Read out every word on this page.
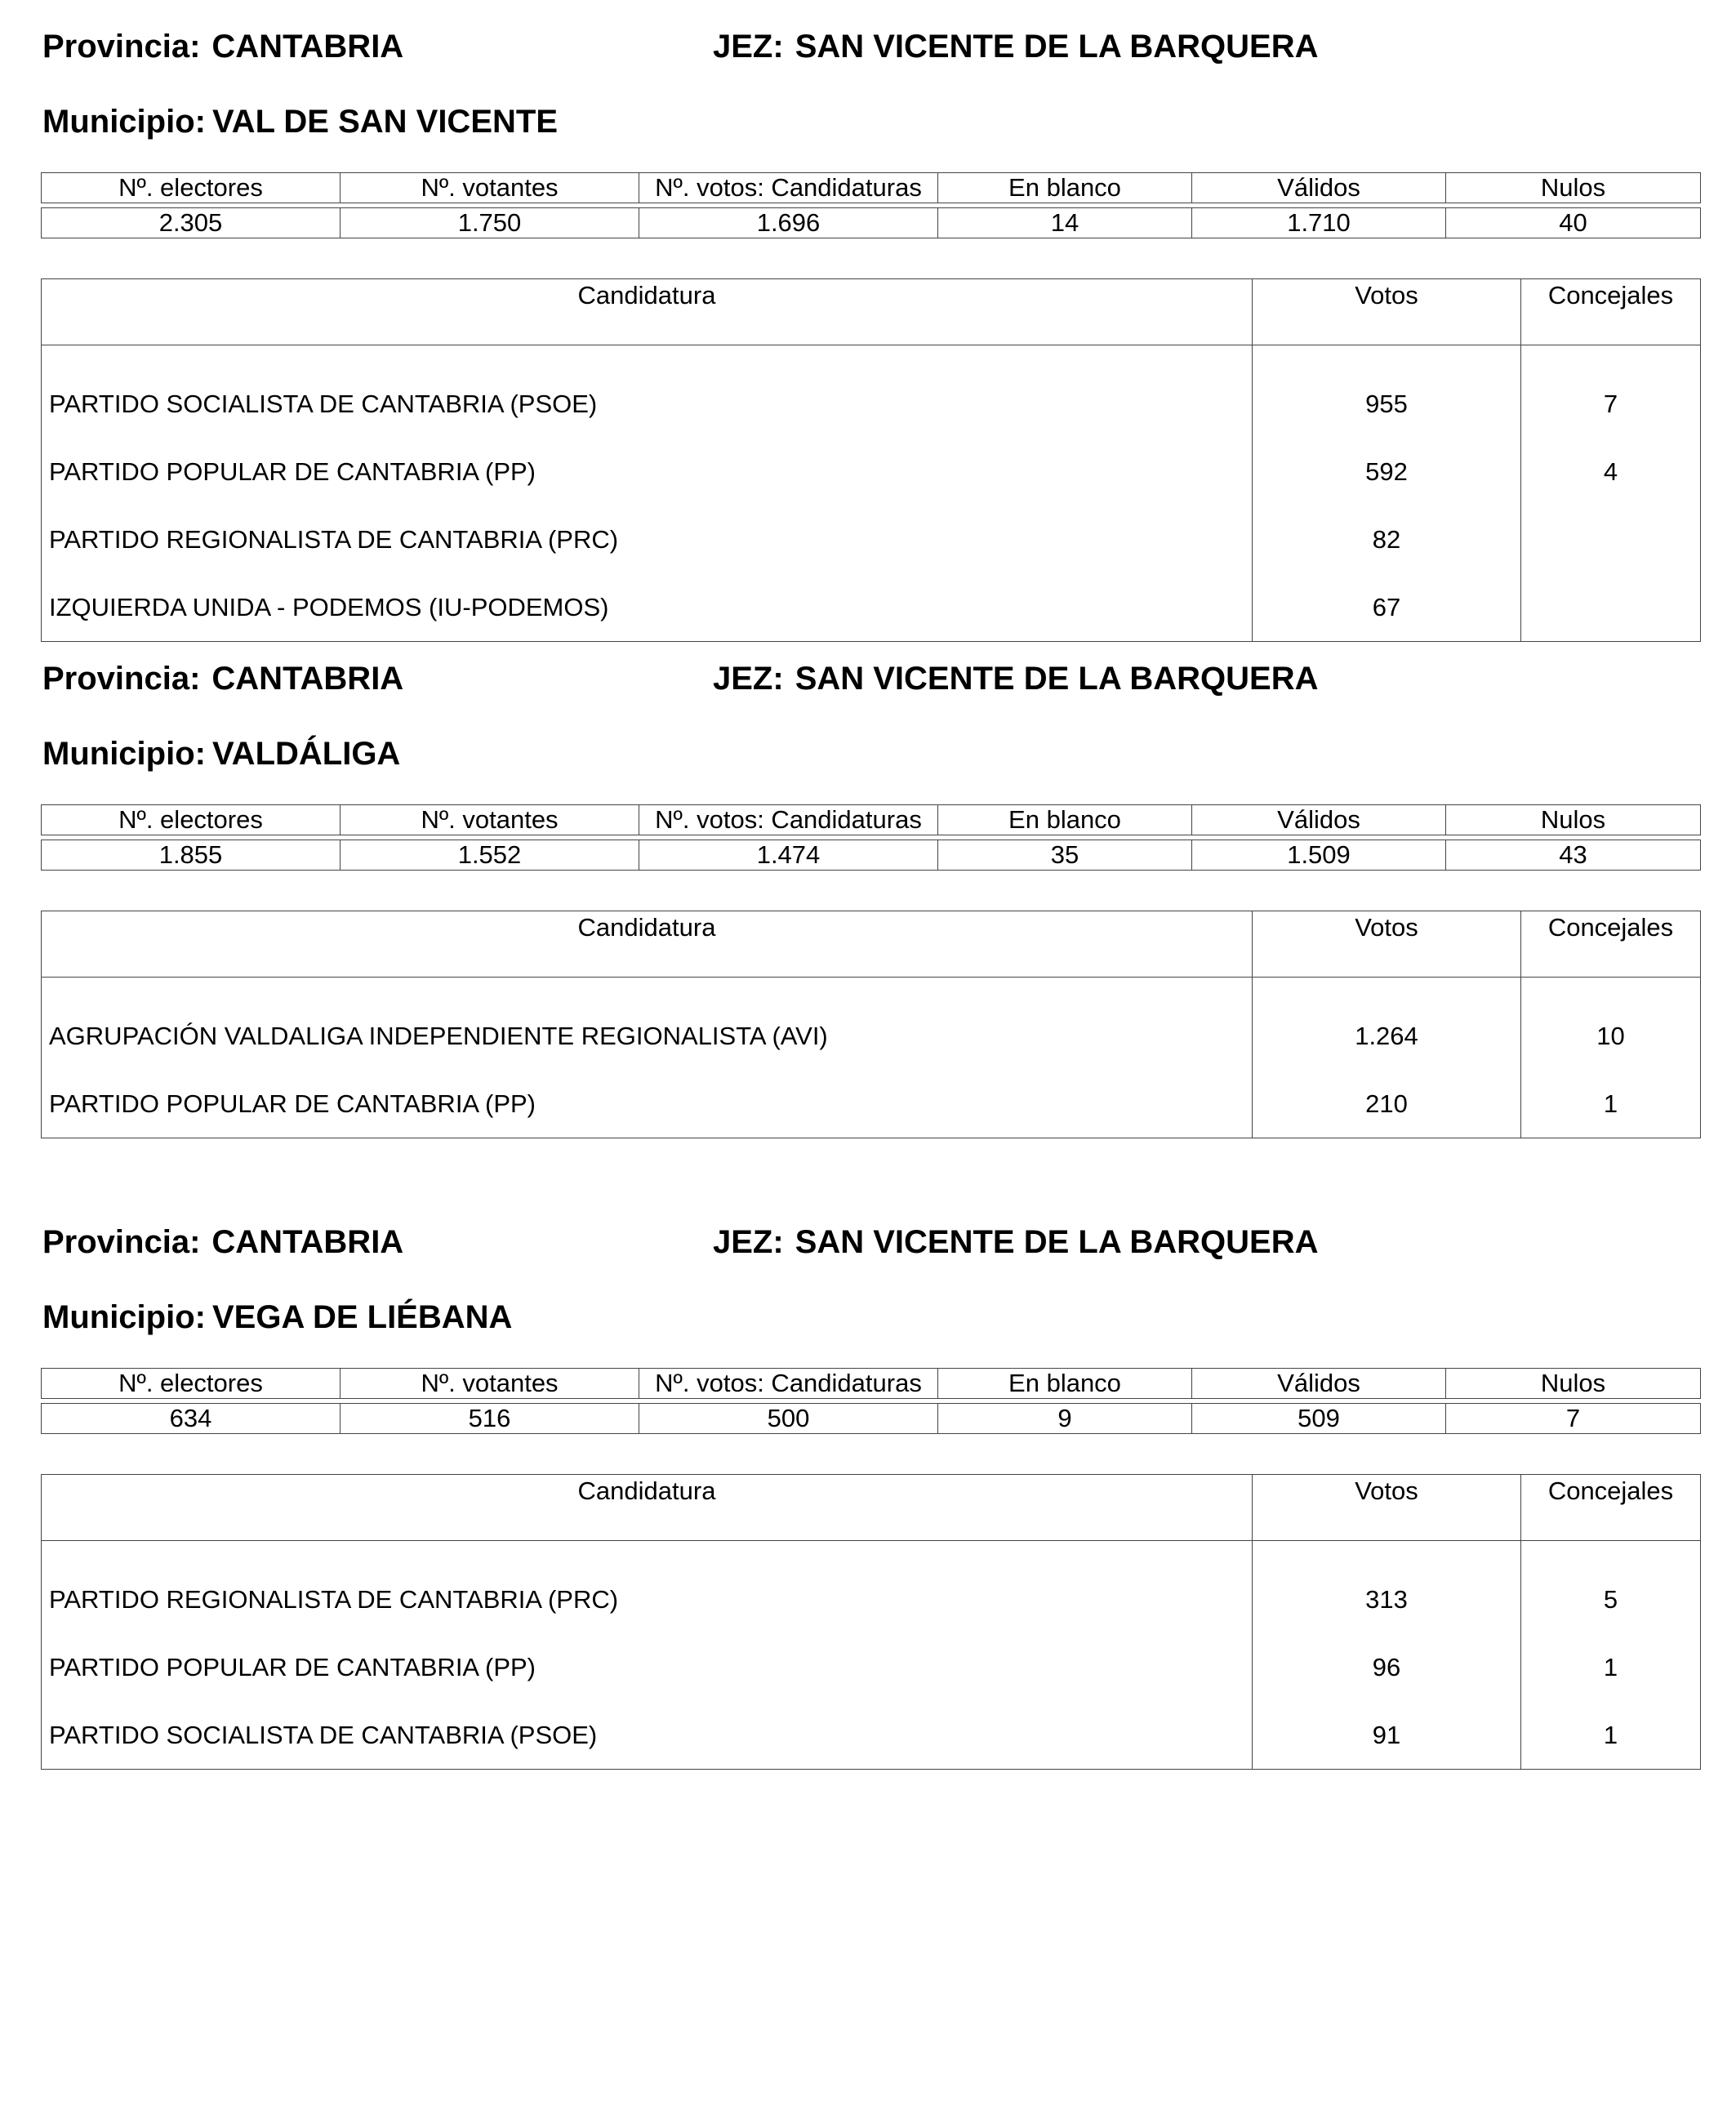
Provincia: CANTABRIA	JEZ: SAN VICENTE DE LA BARQUERA
Municipio: VAL DE SAN VICENTE
Nº. electores	Nº. votantes	Nº. votos: Candidaturas	En blanco	Válidos	Nulos

2.305	1.750	1.696	14	1.710	40
Candidatura	Votos	Concejales
PARTIDO SOCIALISTA DE CANTABRIA (PSOE)	955	7
PARTIDO POPULAR DE CANTABRIA (PP)	592	4
PARTIDO REGIONALISTA DE CANTABRIA (PRC)	82	
IZQUIERDA UNIDA - PODEMOS (IU-PODEMOS)	67	
Provincia: CANTABRIA	JEZ: SAN VICENTE DE LA BARQUERA
Municipio: VALDÁLIGA
Nº. electores	Nº. votantes	Nº. votos: Candidaturas	En blanco	Válidos	Nulos

1.855	1.552	1.474	35	1.509	43
Candidatura	Votos	Concejales
AGRUPACIÓN VALDALIGA INDEPENDIENTE REGIONALISTA (AVI)	1.264	10
PARTIDO POPULAR DE CANTABRIA (PP)	210	1
Provincia: CANTABRIA	JEZ: SAN VICENTE DE LA BARQUERA
Municipio: VEGA DE LIÉBANA
Nº. electores	Nº. votantes	Nº. votos: Candidaturas	En blanco	Válidos	Nulos

634	516	500	9	509	7
Candidatura	Votos	Concejales
PARTIDO REGIONALISTA DE CANTABRIA (PRC)	313	5
PARTIDO POPULAR DE CANTABRIA (PP)	96	1
PARTIDO SOCIALISTA DE CANTABRIA (PSOE)	91	1
